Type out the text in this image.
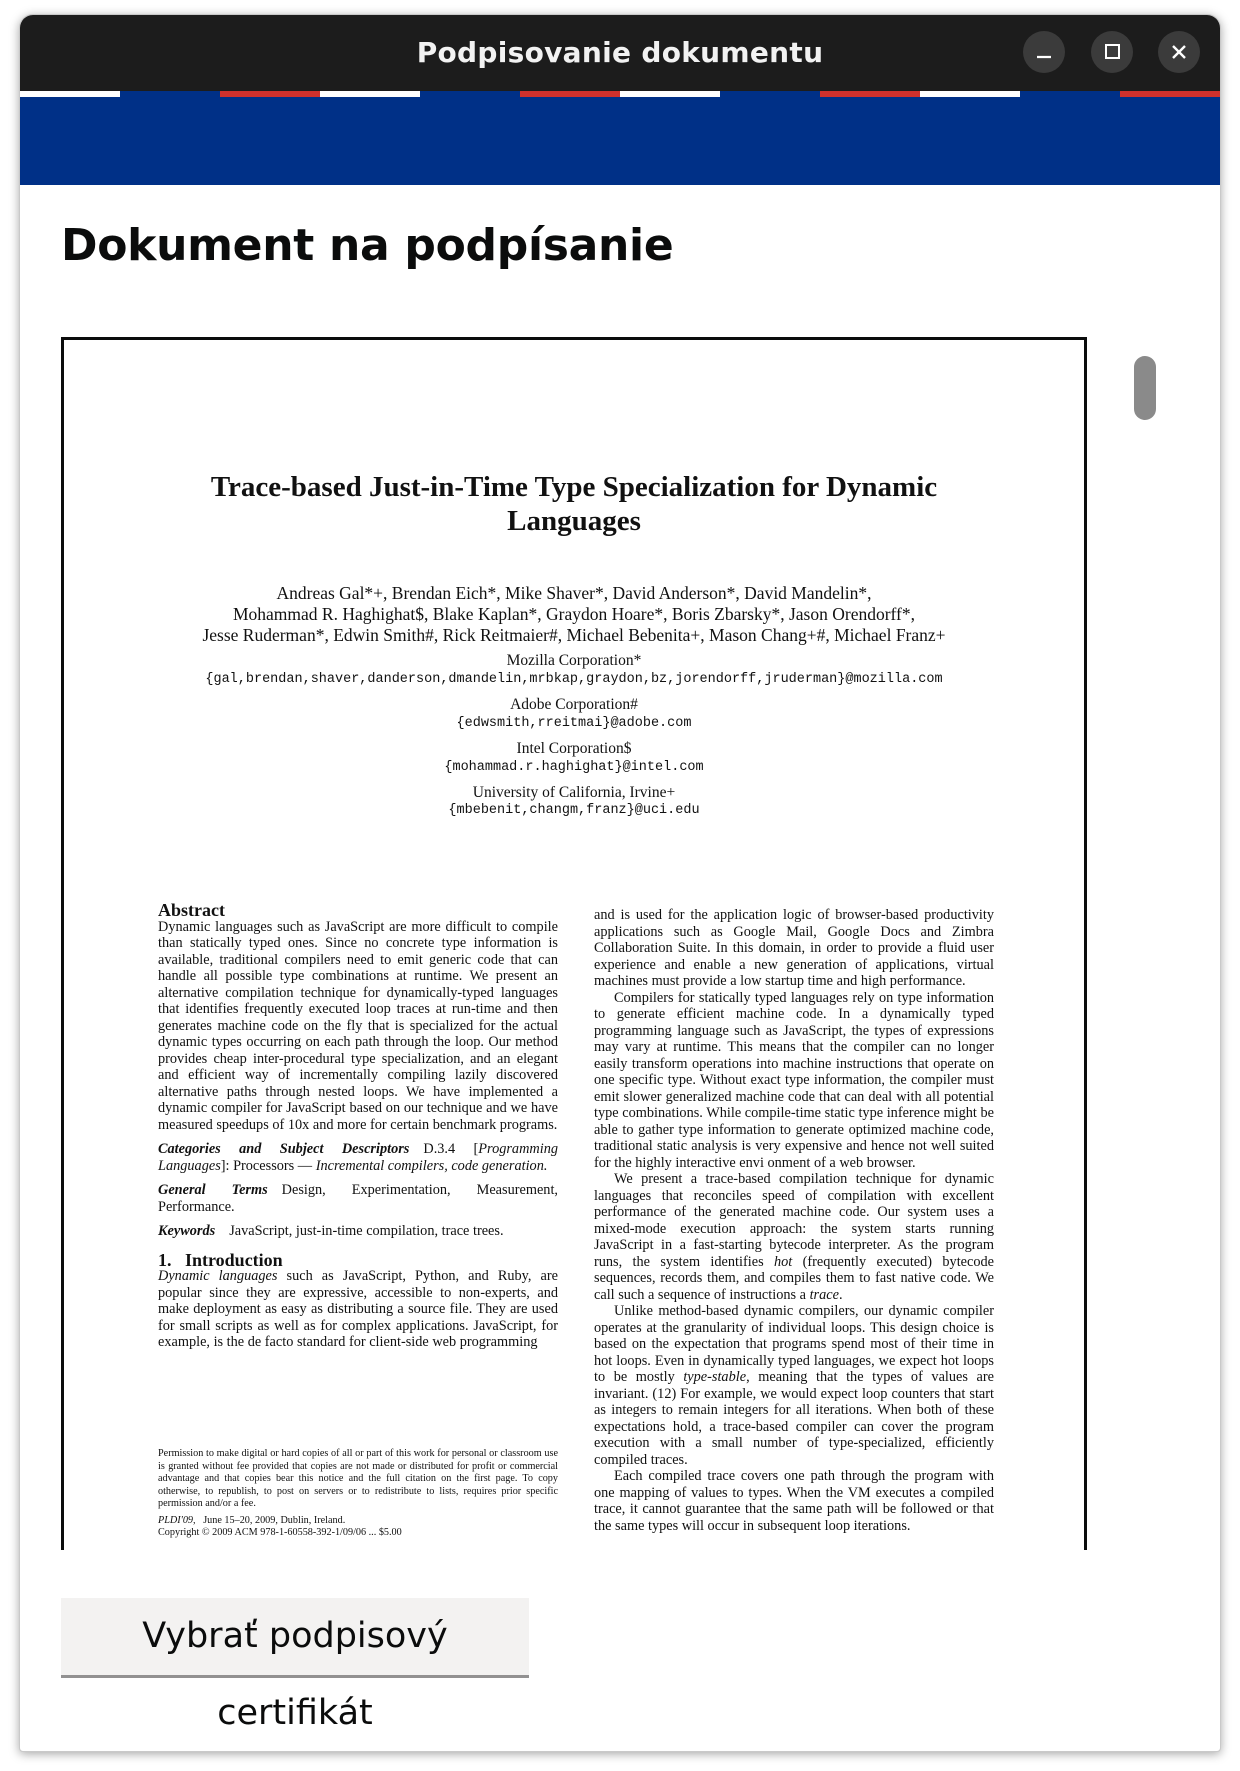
Podpisovanie dokumentu
Dokument na podpísanie
Trace-based Just-in-Time Type Specialization for Dynamic
Languages
Andreas Gal*+, Brendan Eich*, Mike Shaver*, David Anderson*, David Mandelin*,
Mohammad R. Haghighat$, Blake Kaplan*, Graydon Hoare*, Boris Zbarsky*, Jason Orendorff*,
Jesse Ruderman*, Edwin Smith#, Rick Reitmaier#, Michael Bebenita+, Mason Chang+#, Michael Franz+
Mozilla Corporation*
{gal,brendan,shaver,danderson,dmandelin,mrbkap,graydon,bz,jorendorff,jruderman}@mozilla.com
Adobe Corporation#
{edwsmith,rreitmai}@adobe.com
Intel Corporation$
{mohammad.r.haghighat}@intel.com
University of California, Irvine+
{mbebenit,changm,franz}@uci.edu

Abstract

Dynamic languages such as JavaScript are more difficult to compile than statically typed ones. Since no concrete type information is available, traditional compilers need to emit generic code that can handle all possible type combinations at runtime. We present an alternative compilation technique for dynamically-typed languages that identifies frequently executed loop traces at run-time and then generates machine code on the fly that is specialized for the actual dynamic types occurring on each path through the loop. Our method provides cheap inter-procedural type specialization, and an elegant and efficient way of incrementally compiling lazily discovered alternative paths through nested loops. We have implemented a dynamic compiler for JavaScript based on our technique and we have measured speedups of 10x and more for certain benchmark programs.

Categories and Subject Descriptors D.3.4 [Programming Languages]: Processors — Incremental compilers, code generation.

General Terms Design, Experimentation, Measurement, Performance.

Keywords JavaScript, just-in-time compilation, trace trees.

1.   Introduction

Dynamic languages such as JavaScript, Python, and Ruby, are popular since they are expressive, accessible to non-experts, and make deployment as easy as distributing a source file. They are used for small scripts as well as for complex applications. JavaScript, for example, is the de facto standard for client-side web programming

Permission to make digital or hard copies of all or part of this work for personal or classroom use is granted without fee provided that copies are not made or distributed for profit or commercial advantage and that copies bear this notice and the full citation on the first page. To copy otherwise, to republish, to post on servers or to redistribute to lists, requires prior specific permission and/or a fee.

PLDI'09, June 15–20, 2009, Dublin, Ireland.

Copyright © 2009 ACM 978-1-60558-392-1/09/06 ... $5.00

and is used for the application logic of browser-based productivity applications such as Google Mail, Google Docs and Zimbra Collaboration Suite. In this domain, in order to provide a fluid user experience and enable a new generation of applications, virtual machines must provide a low startup time and high performance.

Compilers for statically typed languages rely on type information to generate efficient machine code. In a dynamically typed programming language such as JavaScript, the types of expressions may vary at runtime. This means that the compiler can no longer easily transform operations into machine instructions that operate on one specific type. Without exact type information, the compiler must emit slower generalized machine code that can deal with all potential type combinations. While compile-time static type inference might be able to gather type information to generate optimized machine code, traditional static analysis is very expensive and hence not well suited for the highly interactive envi onment of a web browser.

We present a trace-based compilation technique for dynamic languages that reconciles speed of compilation with excellent performance of the generated machine code. Our system uses a mixed-mode execution approach: the system starts running JavaScript in a fast-starting bytecode interpreter. As the program runs, the system identifies hot (frequently executed) bytecode sequences, records them, and compiles them to fast native code. We call such a sequence of instructions a trace.

Unlike method-based dynamic compilers, our dynamic compiler operates at the granularity of individual loops. This design choice is based on the expectation that programs spend most of their time in hot loops. Even in dynamically typed languages, we expect hot loops to be mostly type-stable, meaning that the types of values are invariant. (12) For example, we would expect loop counters that start as integers to remain integers for all iterations. When both of these expectations hold, a trace-based compiler can cover the program execution with a small number of type-specialized, efficiently compiled traces.

Each compiled trace covers one path through the program with one mapping of values to types. When the VM executes a compiled trace, it cannot guarantee that the same path will be followed or that the same types will occur in subsequent loop iterations.

Vybrať podpisový certifikát
